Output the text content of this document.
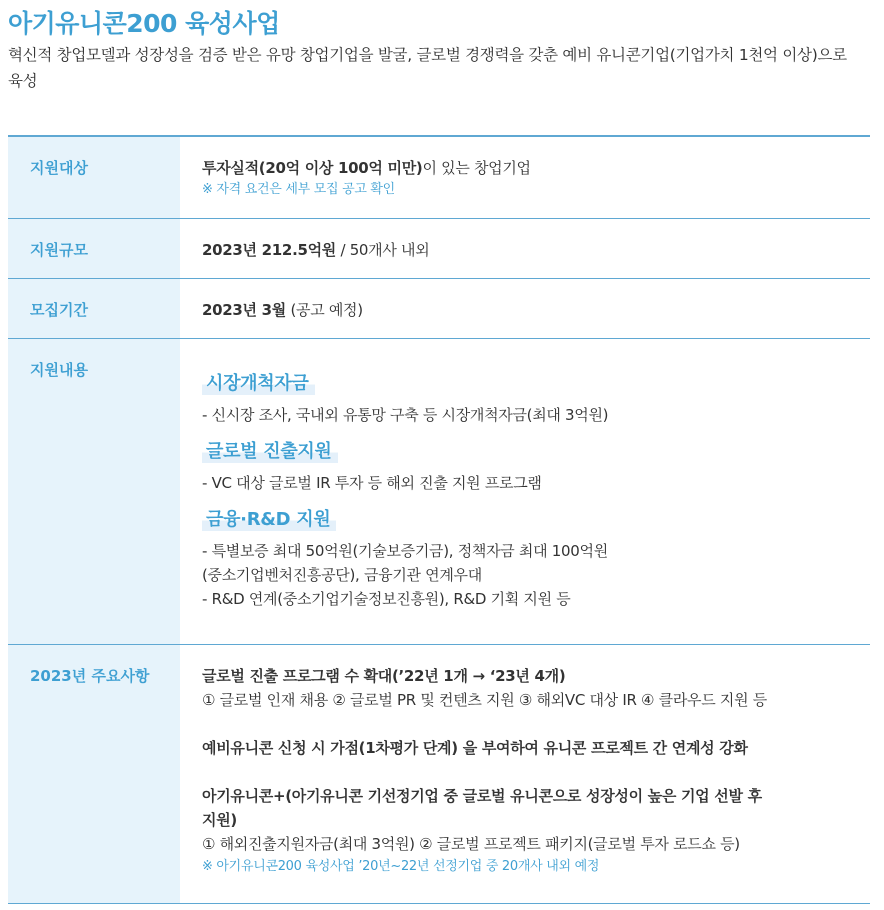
아기유니콘200 육성사업
혁신적 창업모델과 성장성을 검증 받은 유망 창업기업을 발굴, 글로벌 경쟁력을 갖춘 예비 유니콘기업(기업가치 1천억 이상)으로 육성
지원대상	투자실적(20억 이상 100억 미만)이 있는 창업기업
※ 자격 요건은 세부 모집 공고 확인
지원규모	2023년 212.5억원 / 50개사 내외
모집기간	2023년 3월 (공고 예정)
지원내용
시장개척자금
- 신시장 조사, 국내외 유통망 구축 등 시장개척자금(최대 3억원)
글로벌 진출지원
- VC 대상 글로벌 IR 투자 등 해외 진출 지원 프로그램
금융·R&D 지원
- 특별보증 최대 50억원(기술보증기금), 정책자금 최대 100억원
(중소기업벤처진흥공단), 금융기관 연계우대
- R&D 연계(중소기업기술정보진흥원), R&D 기획 지원 등
2023년 주요사항	글로벌 진출 프로그램 수 확대(’22년 1개 → ‘23년 4개)
① 글로벌 인재 채용 ② 글로벌 PR 및 컨텐츠 지원 ③ 해외VC 대상 IR ④ 클라우드 지원 등
예비유니콘 신청 시 가점(1차평가 단계) 을 부여하여 유니콘 프로젝트 간 연계성 강화
아기유니콘+(아기유니콘 기선정기업 중 글로벌 유니콘으로 성장성이 높은 기업 선발 후
지원)
① 해외진출지원자금(최대 3억원) ② 글로벌 프로젝트 패키지(글로벌 투자 로드쇼 등)
※ 아기유니콘200 육성사업 ’20년~22년 선정기업 중 20개사 내외 예정
